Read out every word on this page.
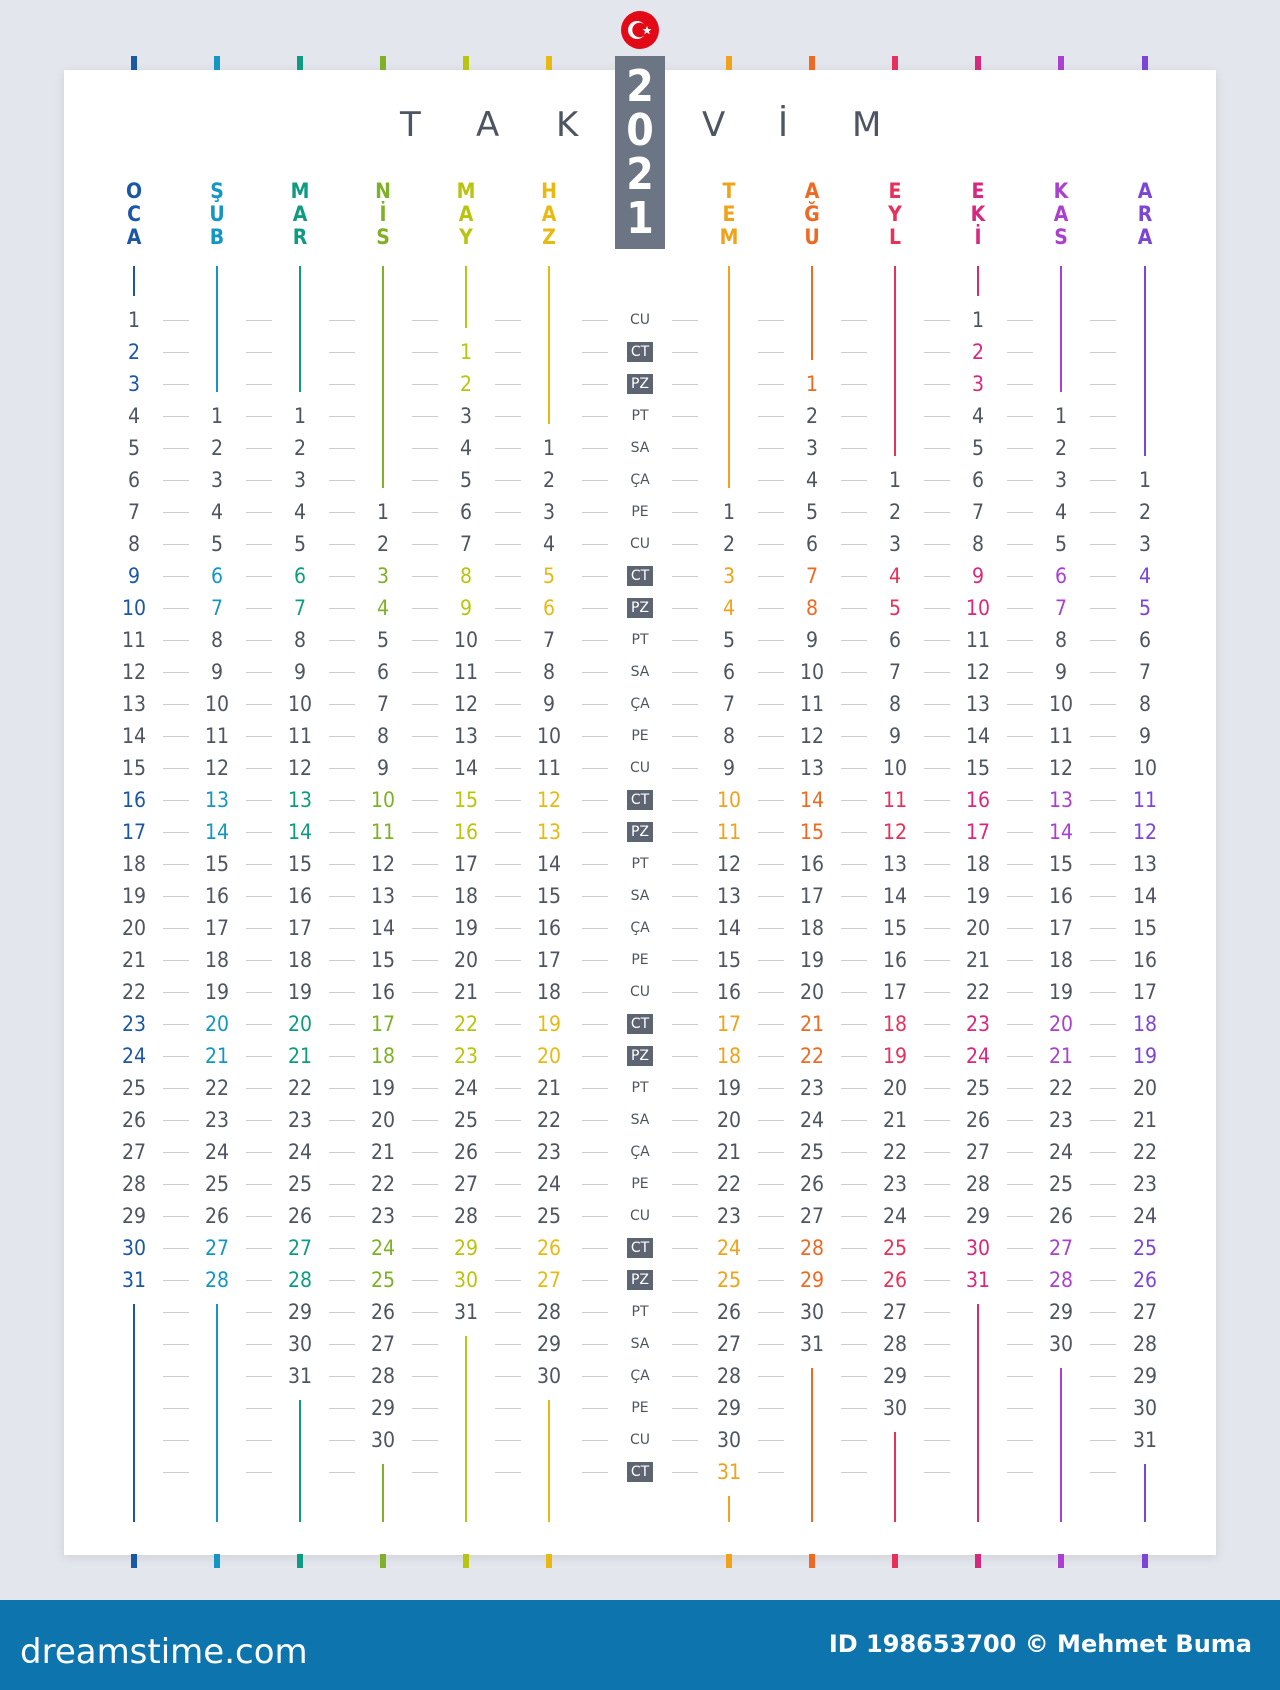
T A K	V İ M
2
0
2
1
CU
CT
PZ
PT
SA
ÇA
PE
CU
CT
PZ
PT
SA
ÇA
PE
CU
CT
PZ
PT
SA
ÇA
PE
CU
CT
PZ
PT
SA
ÇA
PE
CU
CT
PZ
PT
SA
ÇA
PE
CU
CT
O
C
A
1
2
3
4
5
6
7
8
9
10
11
12
13
14
15
16
17
18
19
20
21
22
23
24
25
26
27
28
29
30
31
Ş
U
B
1
2
3
4
5
6
7
8
9
10
11
12
13
14
15
16
17
18
19
20
21
22
23
24
25
26
27
28
M
A
R
1
2
3
4
5
6
7
8
9
10
11
12
13
14
15
16
17
18
19
20
21
22
23
24
25
26
27
28
29
30
31
N
İ
S
1
2
3
4
5
6
7
8
9
10
11
12
13
14
15
16
17
18
19
20
21
22
23
24
25
26
27
28
29
30
M
A
Y
1
2
3
4
5
6
7
8
9
10
11
12
13
14
15
16
17
18
19
20
21
22
23
24
25
26
27
28
29
30
31
H
A
Z
1
2
3
4
5
6
7
8
9
10
11
12
13
14
15
16
17
18
19
20
21
22
23
24
25
26
27
28
29
30
T
E
M
1
2
3
4
5
6
7
8
9
10
11
12
13
14
15
16
17
18
19
20
21
22
23
24
25
26
27
28
29
30
31
A
Ğ
U
1
2
3
4
5
6
7
8
9
10
11
12
13
14
15
16
17
18
19
20
21
22
23
24
25
26
27
28
29
30
31
E
Y
L
1
2
3
4
5
6
7
8
9
10
11
12
13
14
15
16
17
18
19
20
21
22
23
24
25
26
27
28
29
30
E
K
İ
1
2
3
4
5
6
7
8
9
10
11
12
13
14
15
16
17
18
19
20
21
22
23
24
25
26
27
28
29
30
31
K
A
S
1
2
3
4
5
6
7
8
9
10
11
12
13
14
15
16
17
18
19
20
21
22
23
24
25
26
27
28
29
30
A
R
A
1
2
3
4
5
6
7
8
9
10
11
12
13
14
15
16
17
18
19
20
21
22
23
24
25
26
27
28
29
30
31
dreamstime.com	ID 198653700 © Mehmet Buma
